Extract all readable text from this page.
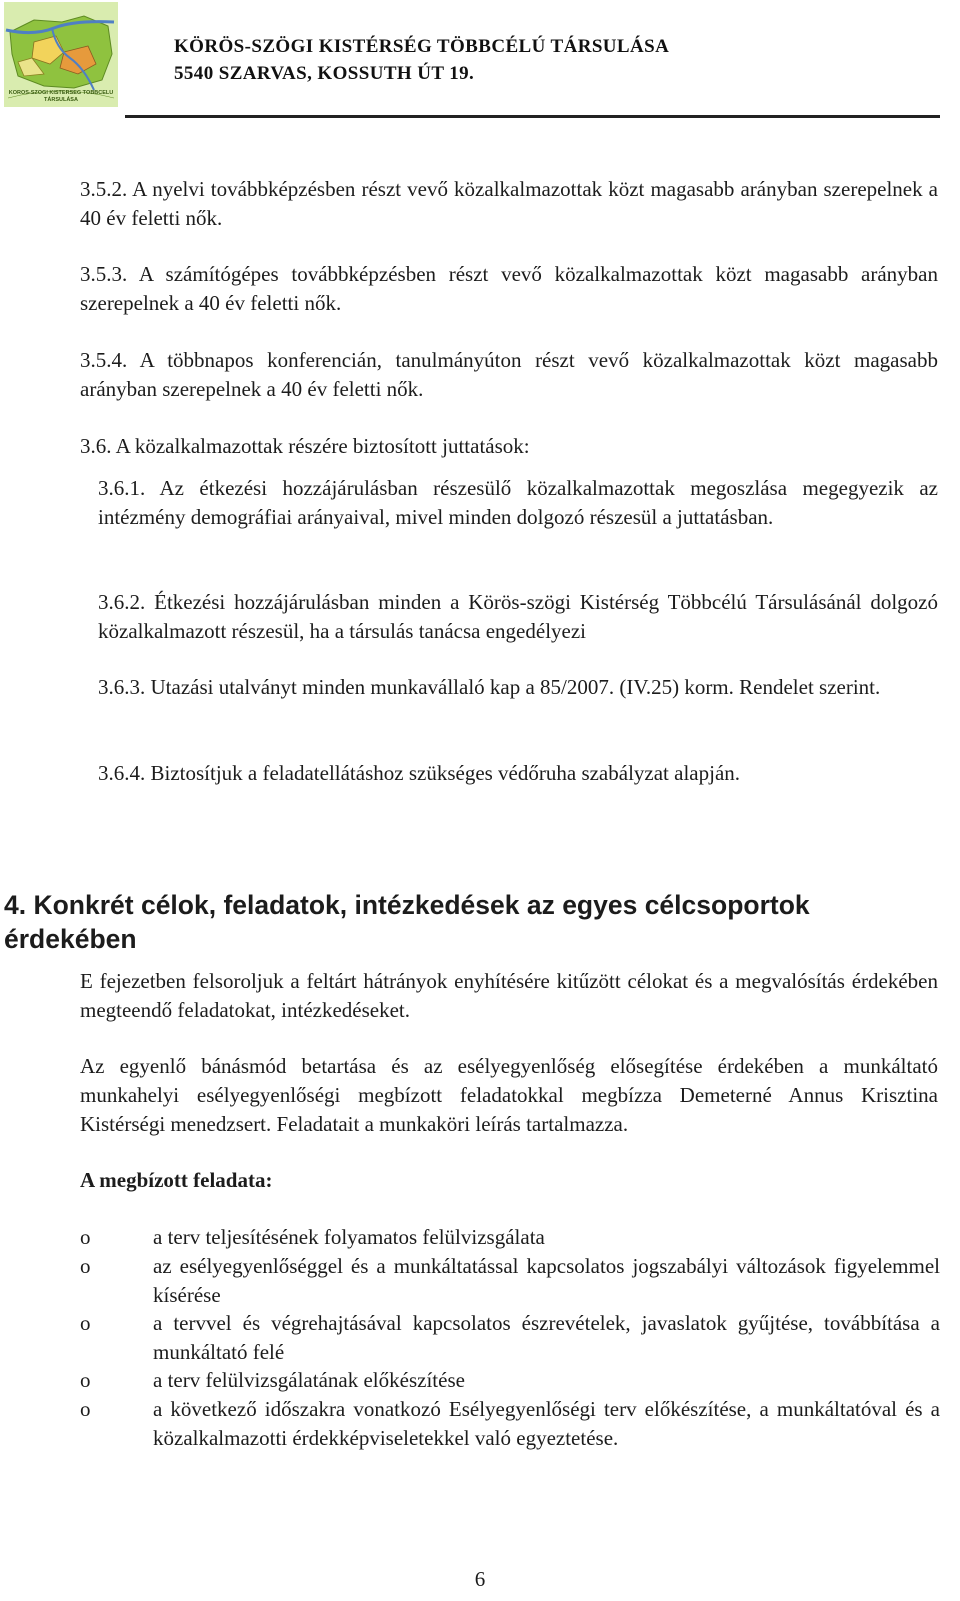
KÖRÖS-SZÖGI KISTÉRSÉG TÖBBCÉLÚ TÁRSULÁSA
KÖRÖS-SZÖGI KISTÉRSÉG TÖBBCÉLÚ TÁRSULÁSA
5540 SZARVAS, KOSSUTH ÚT 19.
3.5.2. A nyelvi továbbképzésben részt vevő közalkalmazottak közt magasabb arányban szerepelnek a 40 év feletti nők.
3.5.3. A számítógépes továbbképzésben részt vevő közalkalmazottak közt magasabb arányban szerepelnek a 40 év feletti nők.
3.5.4. A többnapos konferencián, tanulmányúton részt vevő közalkalmazottak közt magasabb arányban szerepelnek a 40 év feletti nők.
3.6. A közalkalmazottak részére biztosított juttatások:
3.6.1. Az étkezési hozzájárulásban részesülő közalkalmazottak megoszlása megegyezik az intézmény demográfiai arányaival, mivel minden dolgozó részesül a juttatásban.
3.6.2. Étkezési hozzájárulásban minden a Körös-szögi Kistérség Többcélú Társulásánál dolgozó közalkalmazott részesül, ha a társulás tanácsa engedélyezi
3.6.3. Utazási utalványt minden munkavállaló kap a 85/2007. (IV.25) korm. Rendelet szerint.
3.6.4. Biztosítjuk a feladatellátáshoz szükséges védőruha szabályzat alapján.
4. Konkrét célok, feladatok, intézkedések az egyes célcsoportok érdekében
E fejezetben felsoroljuk a feltárt hátrányok enyhítésére kitűzött célokat és a megvalósítás érdekében megteendő feladatokat, intézkedéseket.
Az egyenlő bánásmód betartása és az esélyegyenlőség elősegítése érdekében a munkáltató munkahelyi esélyegyenlőségi megbízott feladatokkal megbízza Demeterné Annus Krisztina Kistérségi menedzsert. Feladatait a munkaköri leírás tartalmazza.
A megbízott feladata:
o	a terv teljesítésének folyamatos felülvizsgálata
o	az esélyegyenlőséggel és a munkáltatással kapcsolatos jogszabályi változások figyelemmel kísérése
o	a tervvel és végrehajtásával kapcsolatos észrevételek, javaslatok gyűjtése, továbbítása a munkáltató felé
o	a terv felülvizsgálatának előkészítése
o	a következő időszakra vonatkozó Esélyegyenlőségi terv előkészítése, a munkáltatóval és a közalkalmazotti érdekképviseletekkel való egyeztetése.
6
